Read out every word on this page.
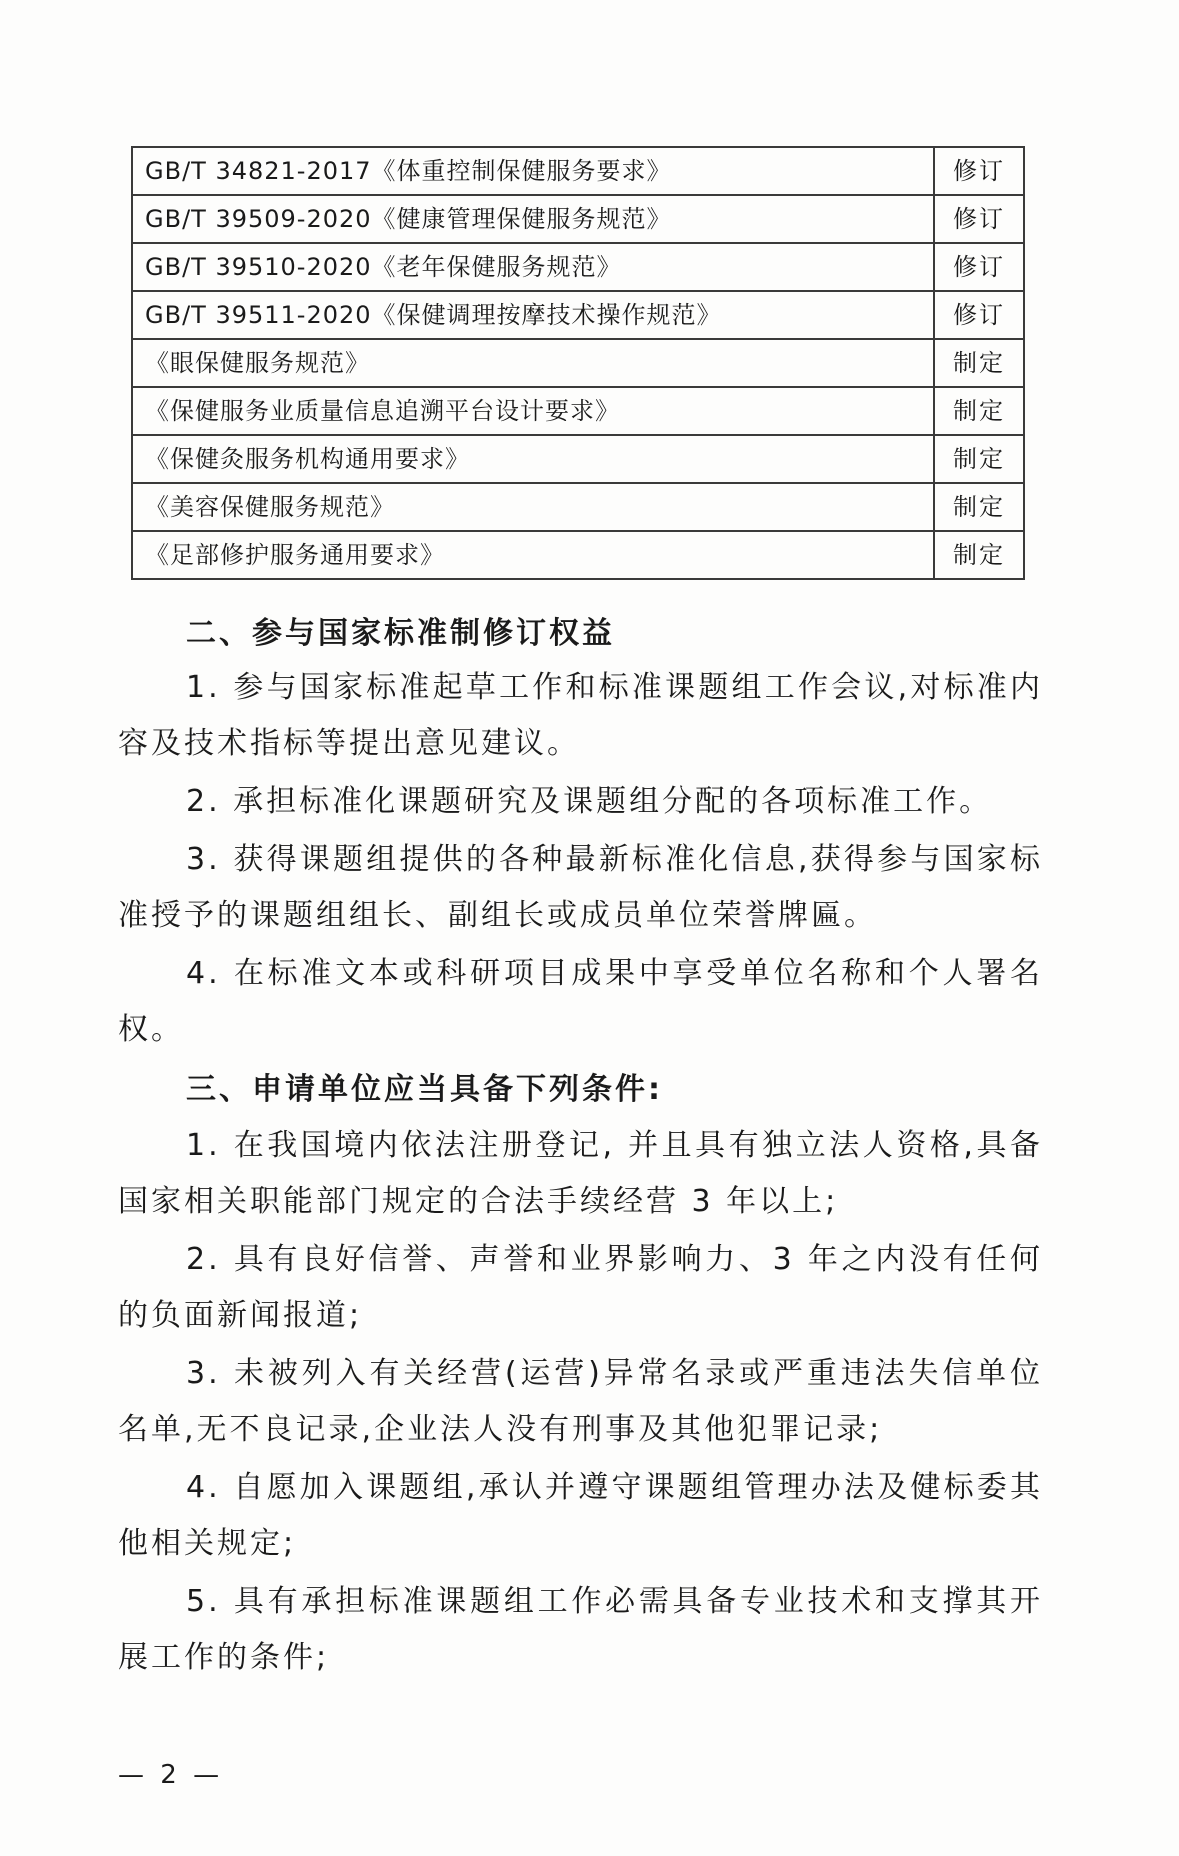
GB/T 34821-2017《体重控制保健服务要求》	修订
GB/T 39509-2020《健康管理保健服务规范》	修订
GB/T 39510-2020《老年保健服务规范》	修订
GB/T 39511-2020《保健调理按摩技术操作规范》	修订
《眼保健服务规范》	制定
《保健服务业质量信息追溯平台设计要求》	制定
《保健灸服务机构通用要求》	制定
《美容保健服务规范》	制定
《足部修护服务通用要求》	制定
二、参与国家标准制修订权益

1. 参与国家标准起草工作和标准课题组工作会议,对标准内容及技术指标等提出意见建议。

2. 承担标准化课题研究及课题组分配的各项标准工作。

3. 获得课题组提供的各种最新标准化信息,获得参与国家标准授予的课题组组长、副组长或成员单位荣誉牌匾。

4. 在标准文本或科研项目成果中享受单位名称和个人署名权。

三、申请单位应当具备下列条件:

1. 在我国境内依法注册登记, 并且具有独立法人资格,具备国家相关职能部门规定的合法手续经营 3 年以上;

2. 具有良好信誉、声誉和业界影响力、3 年之内没有任何的负面新闻报道;

3. 未被列入有关经营(运营)异常名录或严重违法失信单位名单,无不良记录,企业法人没有刑事及其他犯罪记录;

4. 自愿加入课题组,承认并遵守课题组管理办法及健标委其他相关规定;

5. 具有承担标准课题组工作必需具备专业技术和支撑其开展工作的条件;

— 2 —
